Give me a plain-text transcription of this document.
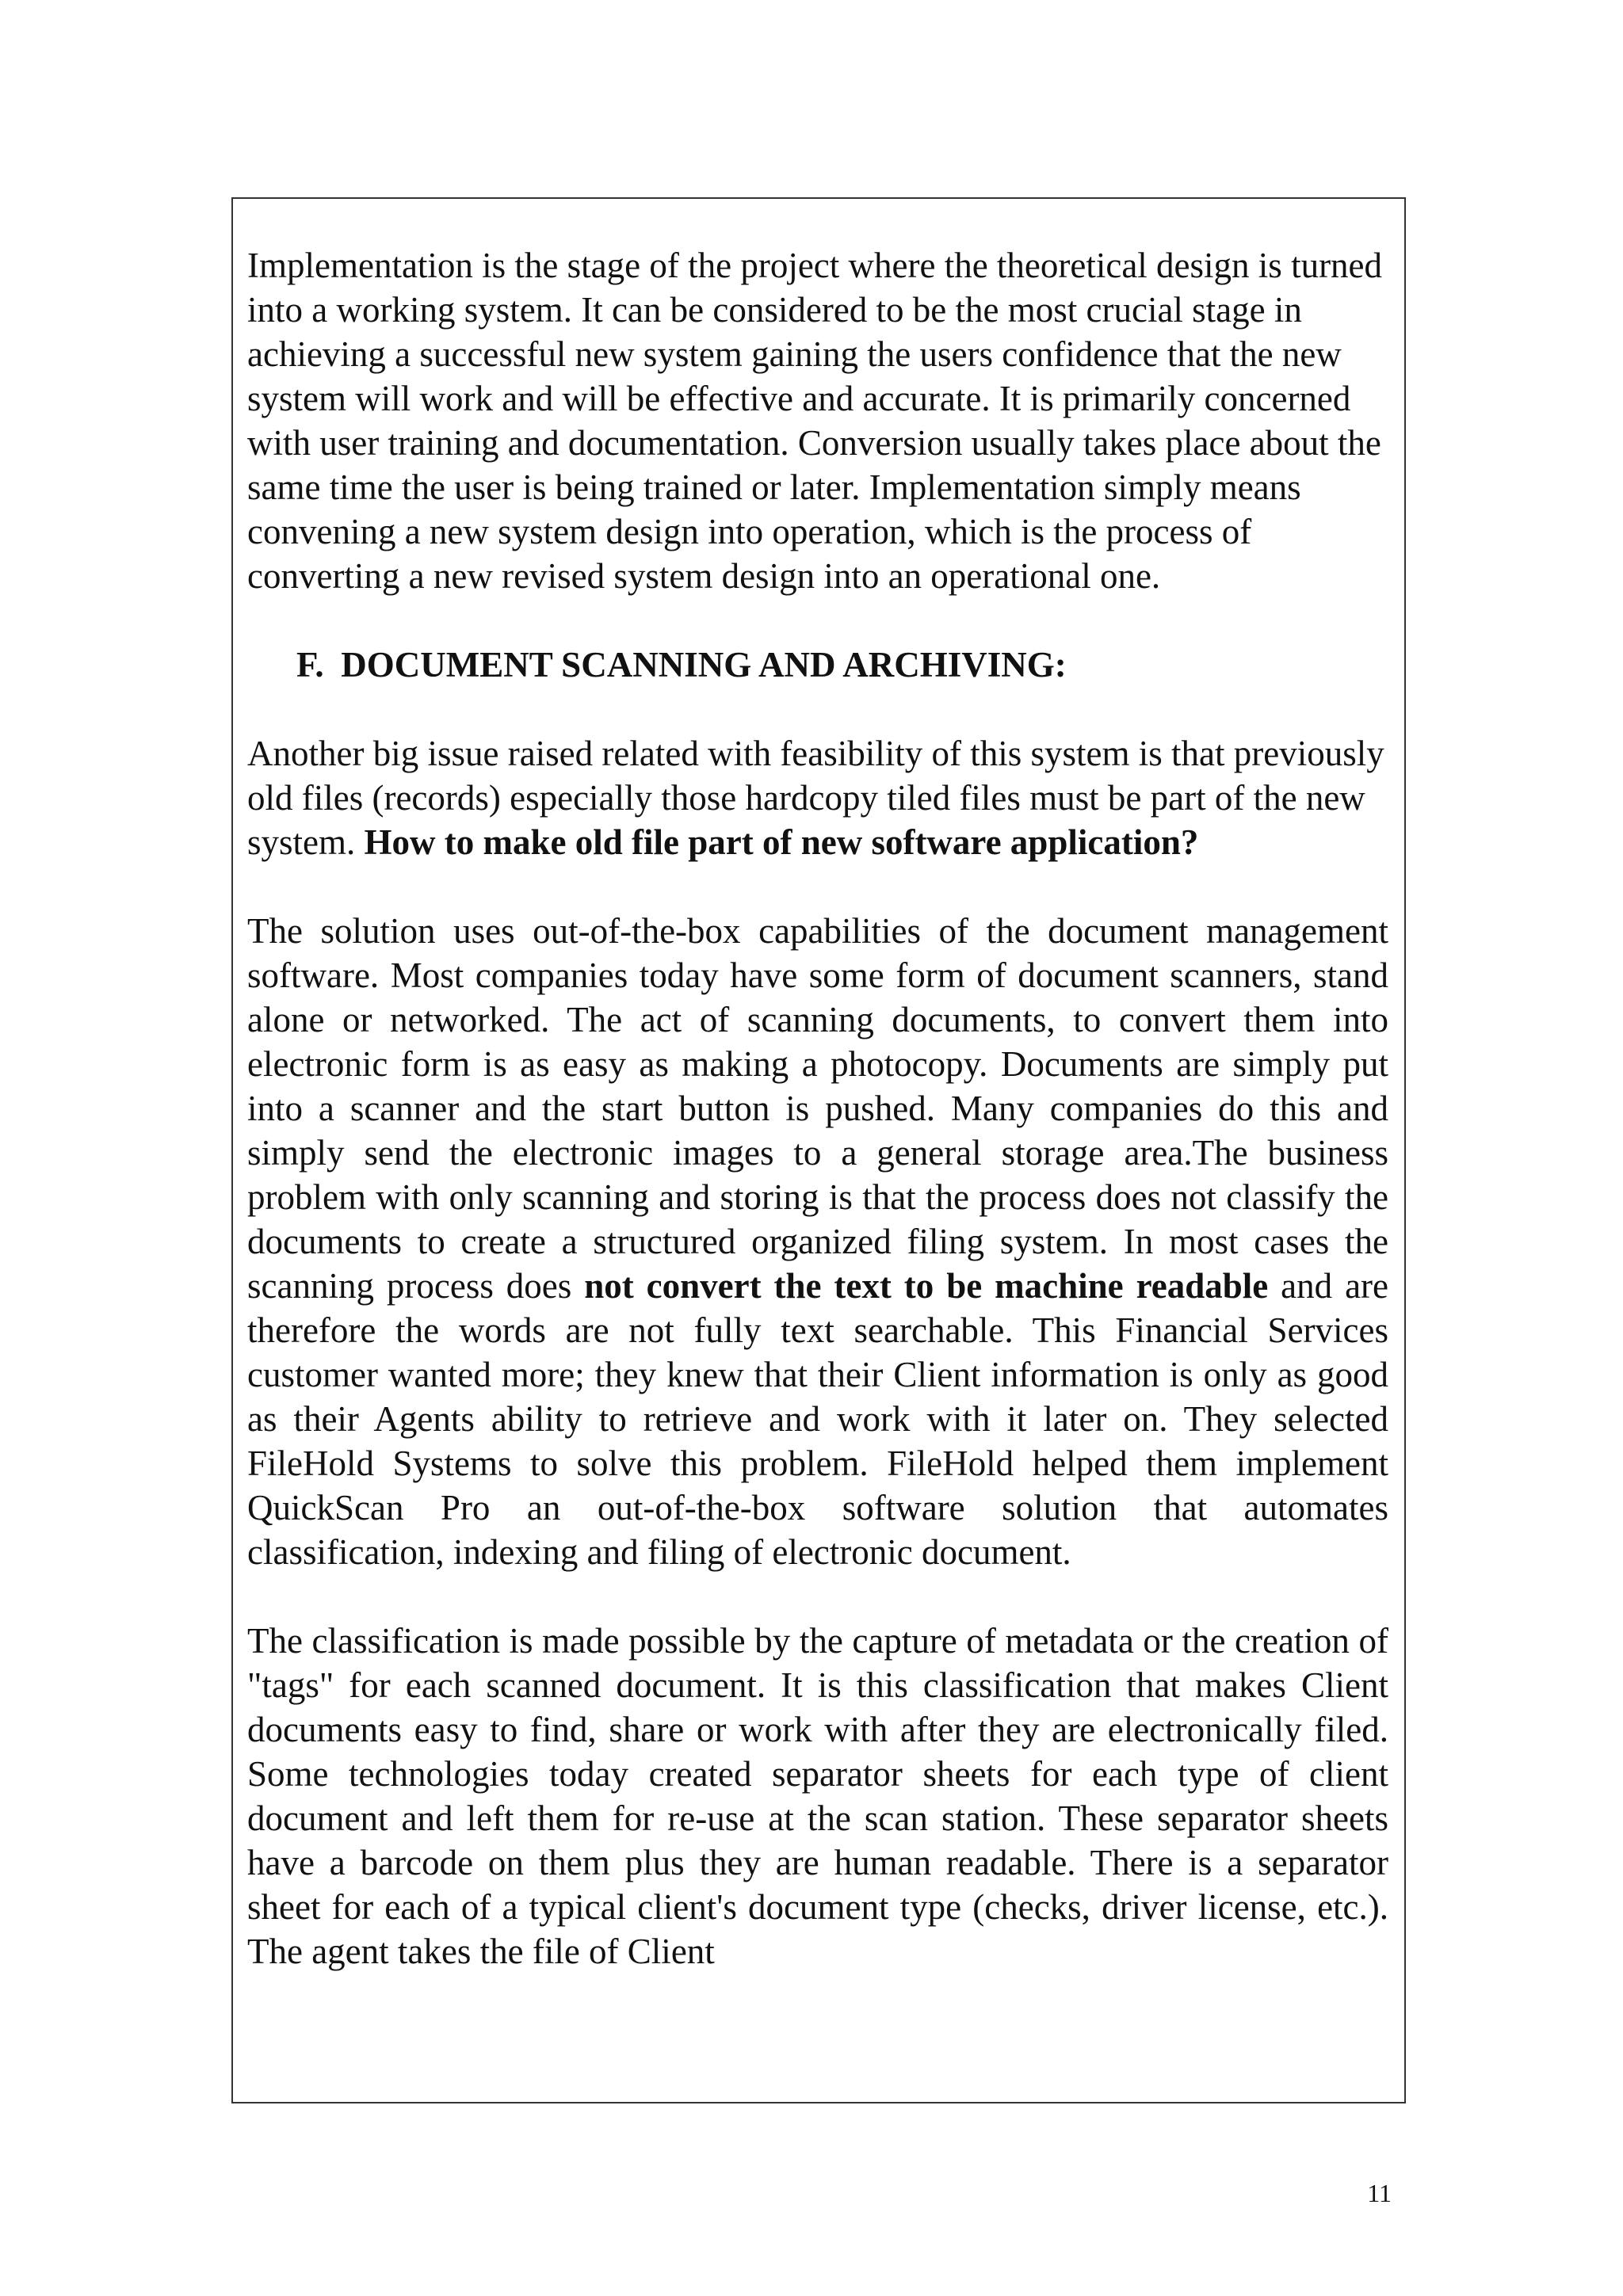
Implementation is the stage of the project where the theoretical design is turned into a working system. It can be considered to be the most crucial stage in achieving a successful new system gaining the users confidence that the new system will work and will be effective and accurate. It is primarily concerned with user training and documentation. Conversion usually takes place about the same time the user is being trained or later. Implementation simply means convening a new system design into operation, which is the process of converting a new revised system design into an operational one.

F. DOCUMENT SCANNING AND ARCHIVING:

Another big issue raised related with feasibility of this system is that previously old files (records) especially those hardcopy tiled files must be part of the new system. How to make old file part of new software application?

The solution uses out-of-the-box capabilities of the document management software. Most companies today have some form of document scanners, stand alone or networked. The act of scanning documents, to convert them into electronic form is as easy as making a photocopy. Documents are simply put into a scanner and the start button is pushed. Many companies do this and simply send the electronic images to a general storage area.The business problem with only scanning and storing is that the process does not classify the documents to create a structured organized filing system. In most cases the scanning process does not convert the text to be machine readable and are therefore the words are not fully text searchable. This Financial Services customer wanted more; they knew that their Client information is only as good as their Agents ability to retrieve and work with it later on. They selected FileHold Systems to solve this problem. FileHold helped them implement QuickScan Pro an out-of-the-box software solution that automates classification, indexing and filing of electronic document.

The classification is made possible by the capture of metadata or the creation of "tags" for each scanned document. It is this classification that makes Client documents easy to find, share or work with after they are electronically filed. Some technologies today created separator sheets for each type of client document and left them for re-use at the scan station. These separator sheets have a barcode on them plus they are human readable. There is a separator sheet for each of a typical client's document type (checks, driver license, etc.). The agent takes the file of Client

11
